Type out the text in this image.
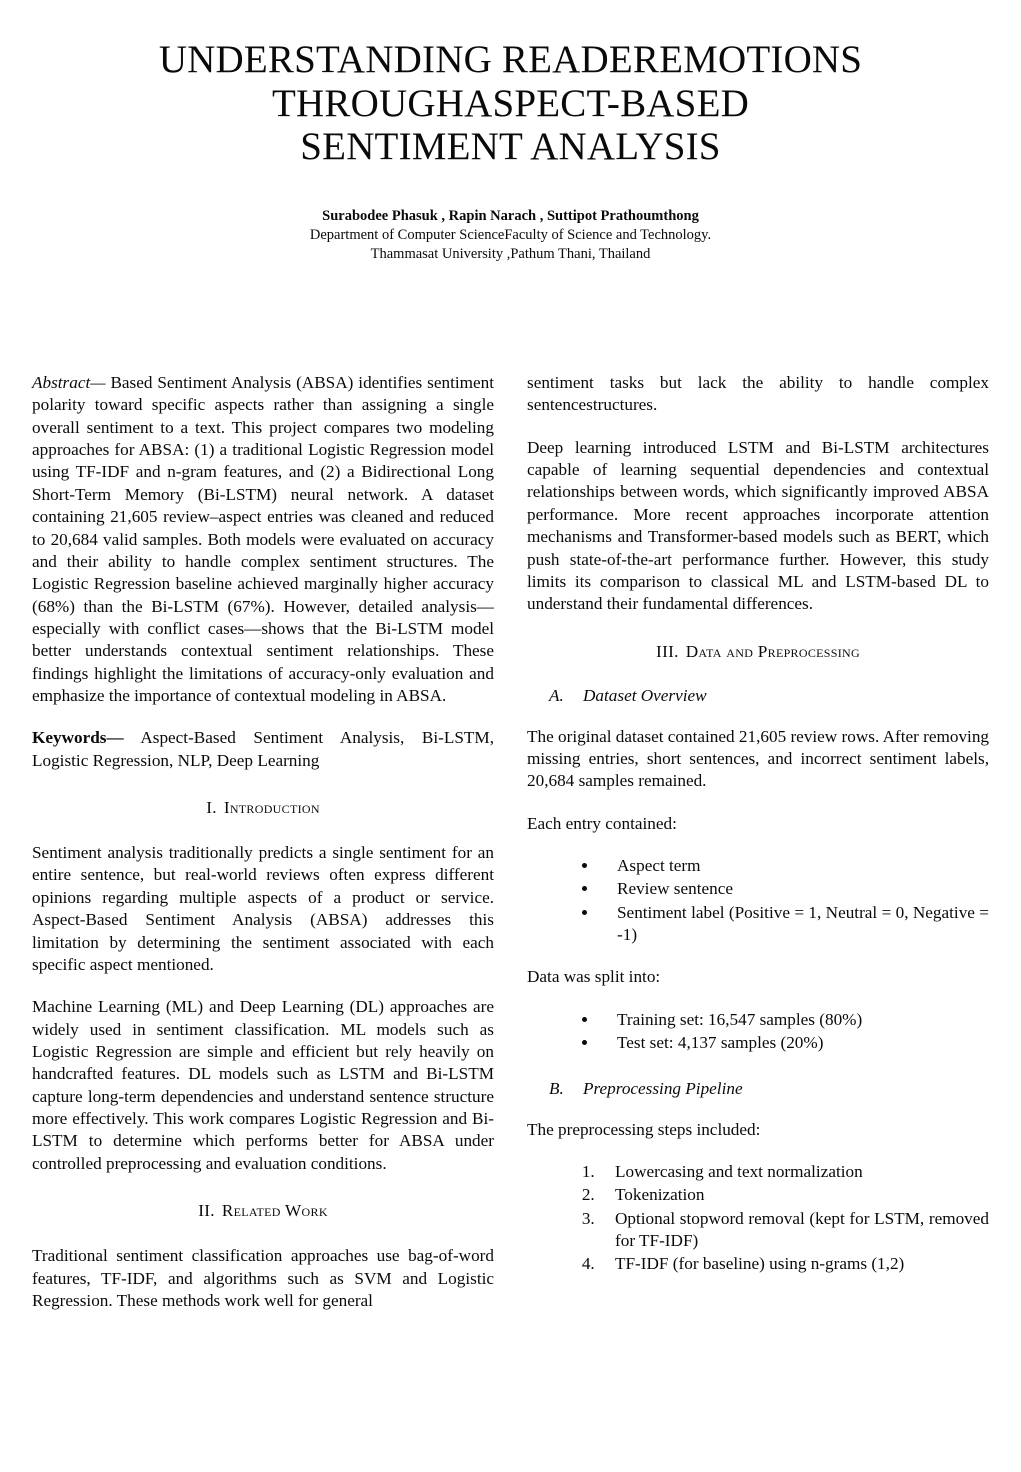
UNDERSTANDING READEREMOTIONS
THROUGHASPECT-BASED
SENTIMENT ANALYSIS

Surabodee Phasuk , Rapin Narach , Suttipot Prathoumthong

Department of Computer ScienceFaculty of Science and Technology.

Thammasat University ,Pathum Thani, Thailand

Abstract— Based Sentiment Analysis (ABSA) identifies sentiment polarity toward specific aspects rather than assigning a single overall sentiment to a text. This project compares two modeling approaches for ABSA: (1) a traditional Logistic Regression model using TF-IDF and n-gram features, and (2) a Bidirectional Long Short-Term Memory (Bi-LSTM) neural network. A dataset containing 21,605 review–aspect entries was cleaned and reduced to 20,684 valid samples. Both models were evaluated on accuracy and their ability to handle complex sentiment structures. The Logistic Regression baseline achieved marginally higher accuracy (68%) than the Bi-LSTM (67%). However, detailed analysis—especially with conflict cases—shows that the Bi-LSTM model better understands contextual sentiment relationships. These findings highlight the limitations of accuracy-only evaluation and emphasize the importance of contextual modeling in ABSA.

Keywords— Aspect-Based Sentiment Analysis, Bi-LSTM, Logistic Regression, NLP, Deep Learning

I. Introduction

Sentiment analysis traditionally predicts a single sentiment for an entire sentence, but real-world reviews often express different opinions regarding multiple aspects of a product or service. Aspect-Based Sentiment Analysis (ABSA) addresses this limitation by determining the sentiment associated with each specific aspect mentioned.

Machine Learning (ML) and Deep Learning (DL) approaches are widely used in sentiment classification. ML models such as Logistic Regression are simple and efficient but rely heavily on handcrafted features. DL models such as LSTM and Bi-LSTM capture long-term dependencies and understand sentence structure more effectively. This work compares Logistic Regression and Bi-LSTM to determine which performs better for ABSA under controlled preprocessing and evaluation conditions.

II. Related Work

Traditional sentiment classification approaches use bag-of-word features, TF-IDF, and algorithms such as SVM and Logistic Regression. These methods work well for general

sentiment tasks but lack the ability to handle complex sentencestructures.

Deep learning introduced LSTM and Bi-LSTM architectures capable of learning sequential dependencies and contextual relationships between words, which significantly improved ABSA performance. More recent approaches incorporate attention mechanisms and Transformer-based models such as BERT, which push state-of-the-art performance further. However, this study limits its comparison to classical ML and LSTM-based DL to understand their fundamental differences.

III. Data and Preprocessing
A. Dataset Overview

The original dataset contained 21,605 review rows. After removing missing entries, short sentences, and incorrect sentiment labels, 20,684 samples remained.

Each entry contained:

• Aspect term
• Review sentence
• Sentiment label (Positive = 1, Neutral = 0, Negative = -1)

Data was split into:

• Training set: 16,547 samples (80%)
• Test set: 4,137 samples (20%)
B. Preprocessing Pipeline

The preprocessing steps included:

1. Lowercasing and text normalization
2. Tokenization
3. Optional stopword removal (kept for LSTM, removed for TF-IDF)
4. TF-IDF (for baseline) using n-grams (1,2)
